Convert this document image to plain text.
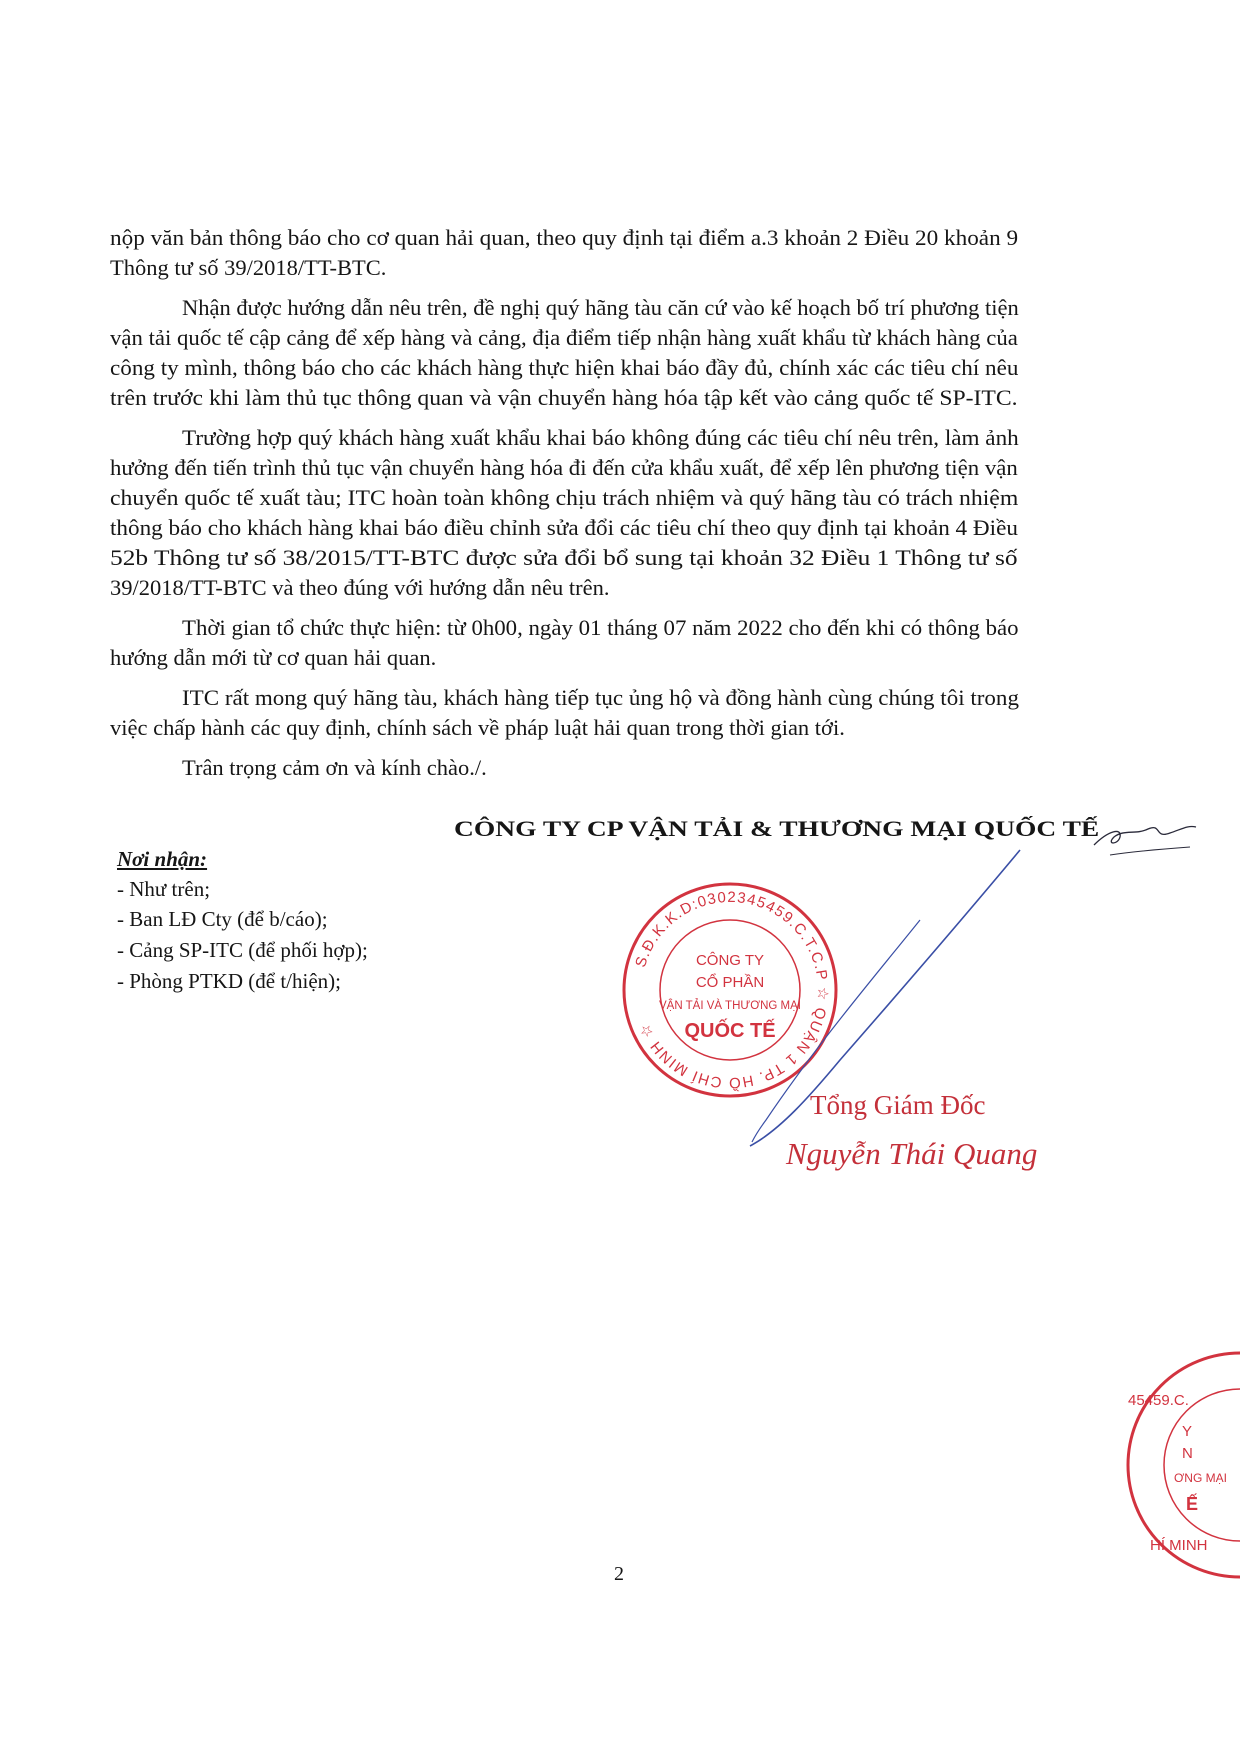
nộp văn bản thông báo cho cơ quan hải quan, theo quy định tại điểm a.3 khoản 2 Điều 20 khoản 9
Thông tư số 39/2018/TT-BTC.
Nhận được hướng dẫn nêu trên, đề nghị quý hãng tàu căn cứ vào kế hoạch bố trí phương tiện
vận tải quốc tế cập cảng để xếp hàng và cảng, địa điểm tiếp nhận hàng xuất khẩu từ khách hàng của
công ty mình, thông báo cho các khách hàng thực hiện khai báo đầy đủ, chính xác các tiêu chí nêu
trên trước khi làm thủ tục thông quan và vận chuyển hàng hóa tập kết vào cảng quốc tế SP-ITC.
Trường hợp quý khách hàng xuất khẩu khai báo không đúng các tiêu chí nêu trên, làm ảnh
hưởng đến tiến trình thủ tục vận chuyển hàng hóa đi đến cửa khẩu xuất, để xếp lên phương tiện vận
chuyển quốc tế xuất tàu; ITC hoàn toàn không chịu trách nhiệm và quý hãng tàu có trách nhiệm
thông báo cho khách hàng khai báo điều chỉnh sửa đổi các tiêu chí theo quy định tại khoản 4 Điều
52b Thông tư số 38/2015/TT-BTC được sửa đổi bổ sung tại khoản 32 Điều 1 Thông tư số
39/2018/TT-BTC và theo đúng với hướng dẫn nêu trên.
Thời gian tổ chức thực hiện: từ 0h00, ngày 01 tháng 07 năm 2022 cho đến khi có thông báo
hướng dẫn mới từ cơ quan hải quan.
ITC rất mong quý hãng tàu, khách hàng tiếp tục ủng hộ và đồng hành cùng chúng tôi trong
việc chấp hành các quy định, chính sách về pháp luật hải quan trong thời gian tới.
Trân trọng cảm ơn và kính chào./.
CÔNG TY CP VẬN TẢI & THƯƠNG MẠI QUỐC TẾ
Nơi nhận:
- Như trên;
- Ban LĐ Cty (để b/cáo);
- Cảng SP-ITC (để phối hợp);
- Phòng PTKD (để t/hiện);
S.Đ.K.K.D:0302345459.C.T.C.P ☆ QUẬN 1 TP. HỒ CHÍ MINH ☆
CÔNG TY
CỔ PHẦN
VẬN TẢI VÀ THƯƠNG MẠI
QUỐC TẾ
Tổng Giám Đốc
Nguyễn Thái Quang
45459.C.
Y
N
ƠNG MẠI
Ế
HÍ MINH
2
